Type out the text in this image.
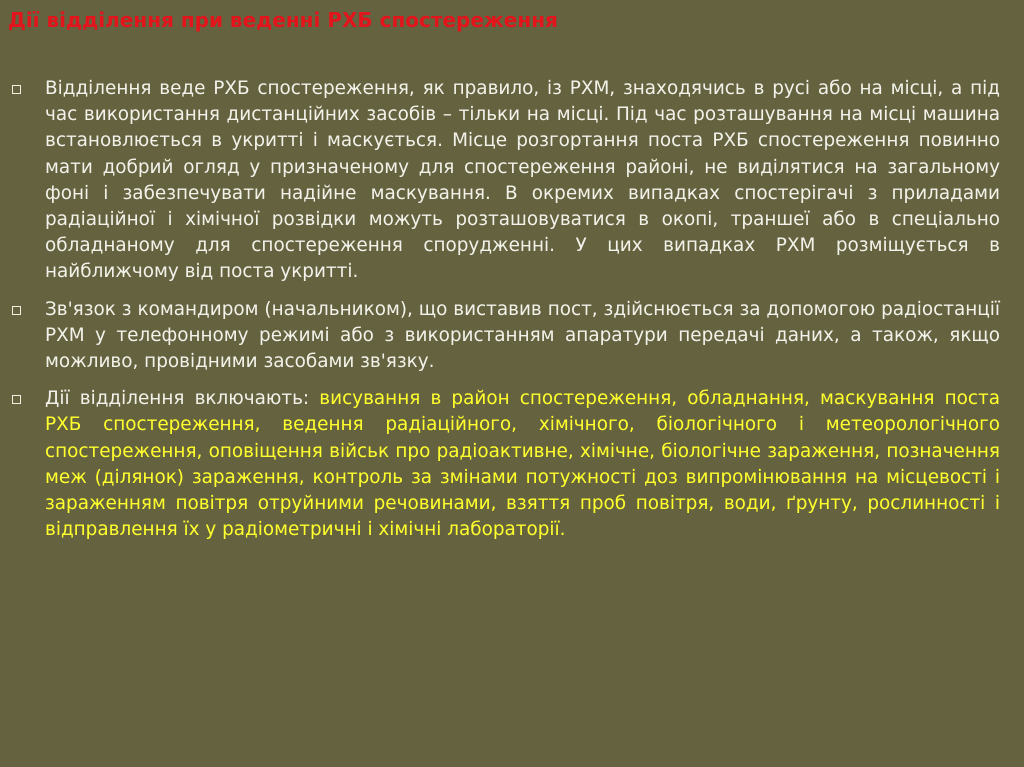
Дії відділення при веденні РХБ спостереження

Відділення веде РХБ спостереження, як правило, із РХМ, знаходячись в русі або на місці, а під час використання дистанційних засобів – тільки на місці. Під час розташування на місці машина встановлюється в укритті і маскується. Місце розгортання поста РХБ спостереження повинно мати добрий огляд у призначеному для спостереження районі, не виділятися на загальному фоні і забезпечувати надійне маскування. В окремих випадках спостерігачі з приладами радіаційної і хімічної розвідки можуть розташовуватися в окопі, траншеї або в спеціально обладнаному для спостереження спорудженні. У цих випадках РХМ розміщується в найближчому від поста укритті.

Зв'язок з командиром (начальником), що виставив пост, здійснюється за допомогою радіостанції РХМ у телефонному режимі або з використанням апаратури передачі даних, а також, якщо можливо, провідними засобами зв'язку.

Дії відділення включають: висування в район спостереження, обладнання, маскування поста РХБ спостереження, ведення радіаційного, хімічного, біологічного і метеорологічного спостереження, оповіщення військ про радіоактивне, хімічне, біологічне зараження, позначення меж (ділянок) зараження, контроль за змінами потужності доз випромінювання на місцевості і зараженням повітря отруйними речовинами, взяття проб повітря, води, ґрунту, рослинності і відправлення їх у радіометричні і хімічні лабораторії.
